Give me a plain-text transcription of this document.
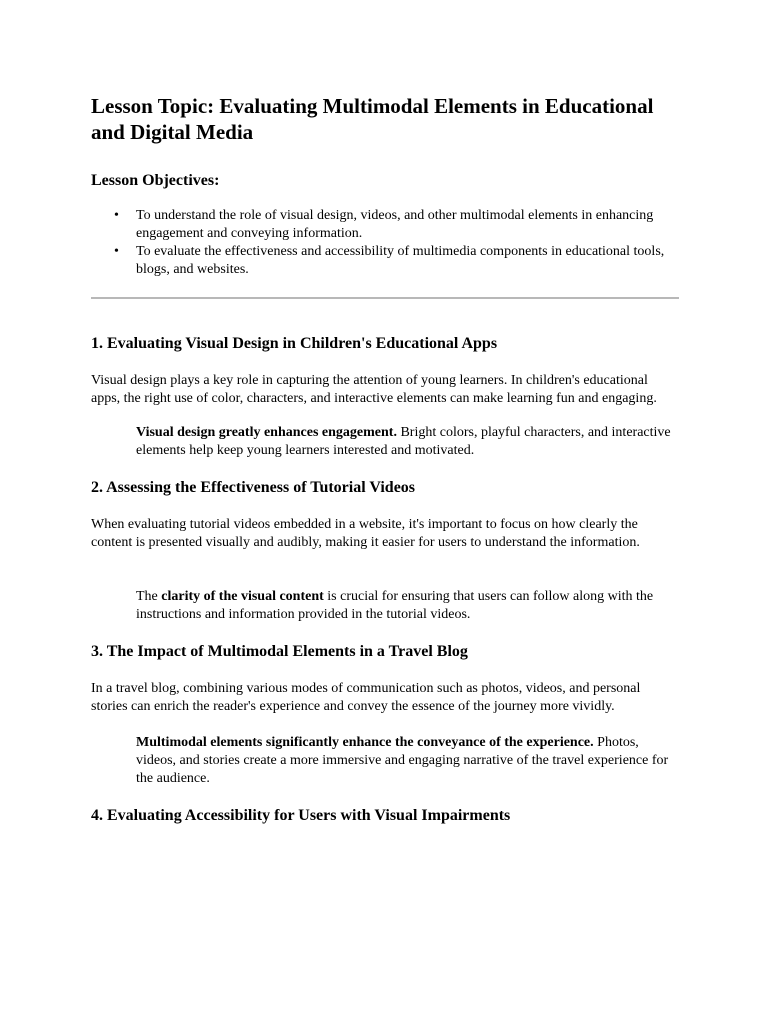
Lesson Topic: Evaluating Multimodal Elements in Educational and Digital Media
Lesson Objectives:
• To understand the role of visual design, videos, and other multimodal elements in enhancing engagement and conveying information.
• To evaluate the effectiveness and accessibility of multimedia components in educational tools, blogs, and websites.
1. Evaluating Visual Design in Children's Educational Apps

Visual design plays a key role in capturing the attention of young learners. In children's educational apps, the right use of color, characters, and interactive elements can make learning fun and engaging.

Visual design greatly enhances engagement. Bright colors, playful characters, and interactive elements help keep young learners interested and motivated.

2. Assessing the Effectiveness of Tutorial Videos

When evaluating tutorial videos embedded in a website, it's important to focus on how clearly the content is presented visually and audibly, making it easier for users to understand the information.

The clarity of the visual content is crucial for ensuring that users can follow along with the instructions and information provided in the tutorial videos.

3. The Impact of Multimodal Elements in a Travel Blog

In a travel blog, combining various modes of communication such as photos, videos, and personal stories can enrich the reader's experience and convey the essence of the journey more vividly.

Multimodal elements significantly enhance the conveyance of the experience. Photos, videos, and stories create a more immersive and engaging narrative of the travel experience for the audience.

4. Evaluating Accessibility for Users with Visual Impairments
